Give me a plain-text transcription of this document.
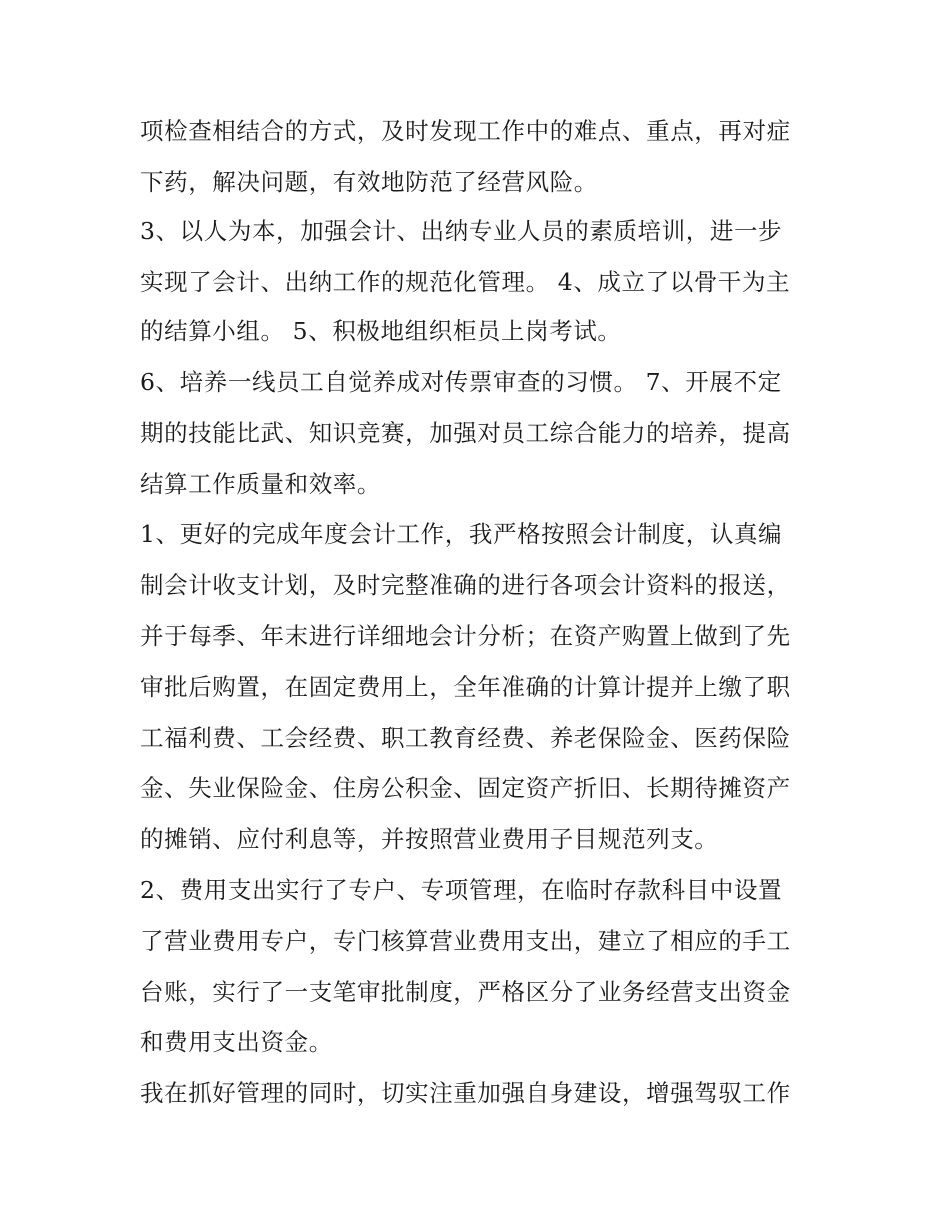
项检查相结合的方式，及时发现工作中的难点、重点，再对症
下药，解决问题，有效地防范了经营风险。
3、以人为本，加强会计、出纳专业人员的素质培训，进一步
实现了会计、出纳工作的规范化管理。 4、成立了以骨干为主
的结算小组。 5、积极地组织柜员上岗考试。
6、培养一线员工自觉养成对传票审查的习惯。 7、开展不定
期的技能比武、知识竞赛，加强对员工综合能力的培养，提高
结算工作质量和效率。
1、更好的完成年度会计工作，我严格按照会计制度，认真编
制会计收支计划，及时完整准确的进行各项会计资料的报送，
并于每季、年末进行详细地会计分析；在资产购置上做到了先
审批后购置，在固定费用上，全年准确的计算计提并上缴了职
工福利费、工会经费、职工教育经费、养老保险金、医药保险
金、失业保险金、住房公积金、固定资产折旧、长期待摊资产
的摊销、应付利息等，并按照营业费用子目规范列支。
2、费用支出实行了专户、专项管理，在临时存款科目中设置
了营业费用专户，专门核算营业费用支出，建立了相应的手工
台账，实行了一支笔审批制度，严格区分了业务经营支出资金
和费用支出资金。
我在抓好管理的同时，切实注重加强自身建设，增强驾驭工作
